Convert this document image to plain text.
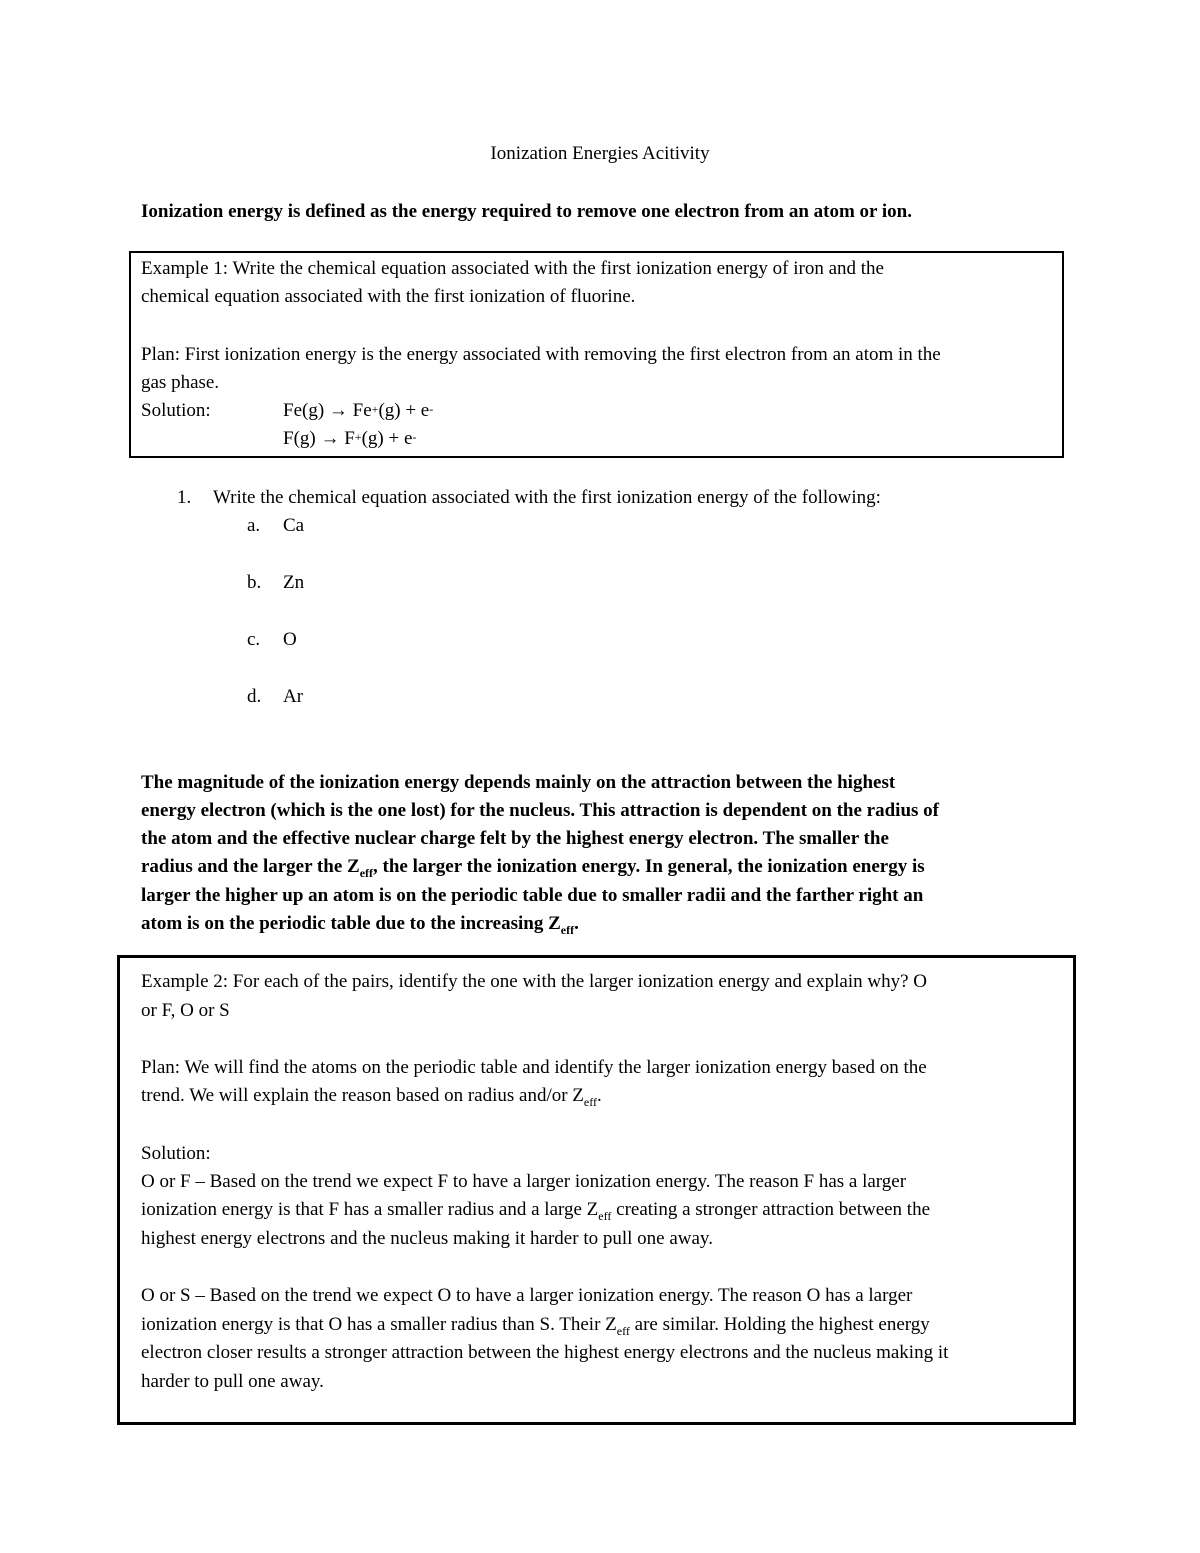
Ionization Energies Acitivity
Ionization energy is defined as the energy required to remove one electron from an atom or ion.
Example 1: Write the chemical equation associated with the first ionization energy of iron and the
chemical equation associated with the first ionization of fluorine.
Plan: First ionization energy is the energy associated with removing the first electron from an atom in the
gas phase.
Solution:	Fe(g) → Fe+(g) + e-
F(g) → F+(g) + e-
1. Write the chemical equation associated with the first ionization energy of the following:
a. Ca
b. Zn
c. O
d. Ar
The magnitude of the ionization energy depends mainly on the attraction between the highest
energy electron (which is the one lost) for the nucleus. This attraction is dependent on the radius of
the atom and the effective nuclear charge felt by the highest energy electron. The smaller the
radius and the larger the $Z_{eff}$, the larger the ionization energy. In general, the ionization energy is
larger the higher up an atom is on the periodic table due to smaller radii and the farther right an
atom is on the periodic table due to the increasing $Z_{eff}$.
Example 2: For each of the pairs, identify the one with the larger ionization energy and explain why? O
or F, O or S
Plan: We will find the atoms on the periodic table and identify the larger ionization energy based on the
trend. We will explain the reason based on radius and/or $Z_{eff}$.
Solution:
O or F – Based on the trend we expect F to have a larger ionization energy. The reason F has a larger
ionization energy is that F has a smaller radius and a large $Z_{eff}$ creating a stronger attraction between the
highest energy electrons and the nucleus making it harder to pull one away.
O or S – Based on the trend we expect O to have a larger ionization energy. The reason O has a larger
ionization energy is that O has a smaller radius than S. Their $Z_{eff}$ are similar. Holding the highest energy
electron closer results a stronger attraction between the highest energy electrons and the nucleus making it
harder to pull one away.
